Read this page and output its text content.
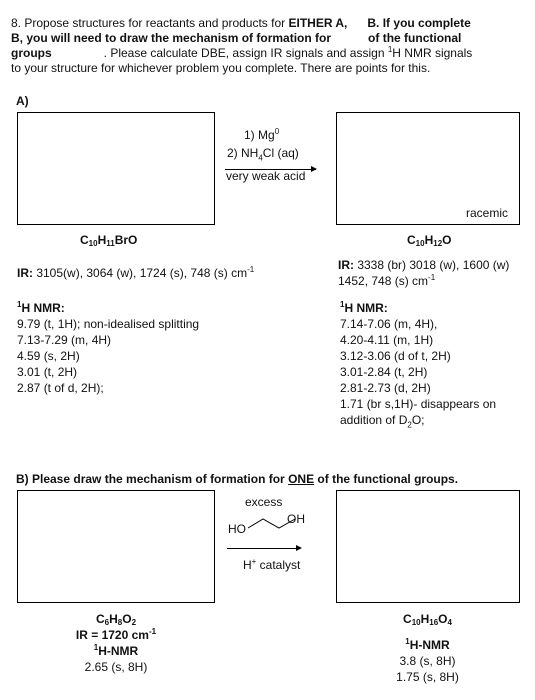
8. Propose structures for reactants and products for EITHER A, B. If you complete
B, you will need to draw the mechanism of formation for	of the functional
groups	. Please calculate DBE, assign IR signals and assign $^1$H NMR signals
to your structure for whichever problem you complete. There are points for this.
A)
1) Mg$^0$
2) $NH_4Cl$ (aq)
very weak acid
racemic
$C_{10}H_{11}BrO$	$C_{10}H_{12}O$
IR: 3105(w), 3064 (w), 1724 (s), 748 (s) $cm^{-1}$	IR: 3338 (br) 3018 (w), 1600 (w)
1452, 748 (s) $cm^{-1}$
$^1$H NMR:
9.79 (t, 1H); non-idealised splitting
7.13-7.29 (m, 4H)
4.59 (s, 2H)
3.01 (t, 2H)
2.87 (t of d, 2H);
$^1$H NMR:
7.14-7.06 (m, 4H),
4.20-4.11 (m, 1H)
3.12-3.06 (d of t, 2H)
3.01-2.84 (t, 2H)
2.81-2.73 (d, 2H)
1.71 (br s,1H)- disappears on
addition of $D_2O$;
B) Please draw the mechanism of formation for ONE of the functional groups.
excess
HO
OH
H+ catalyst
$C_6H_8O_2$
IR = 1720 $cm^{-1}$
$^1$H-NMR
2.65 (s, 8H)
$C_{10}H_{16}O_4$
$^1$H-NMR
3.8 (s, 8H)
1.75 (s, 8H)
